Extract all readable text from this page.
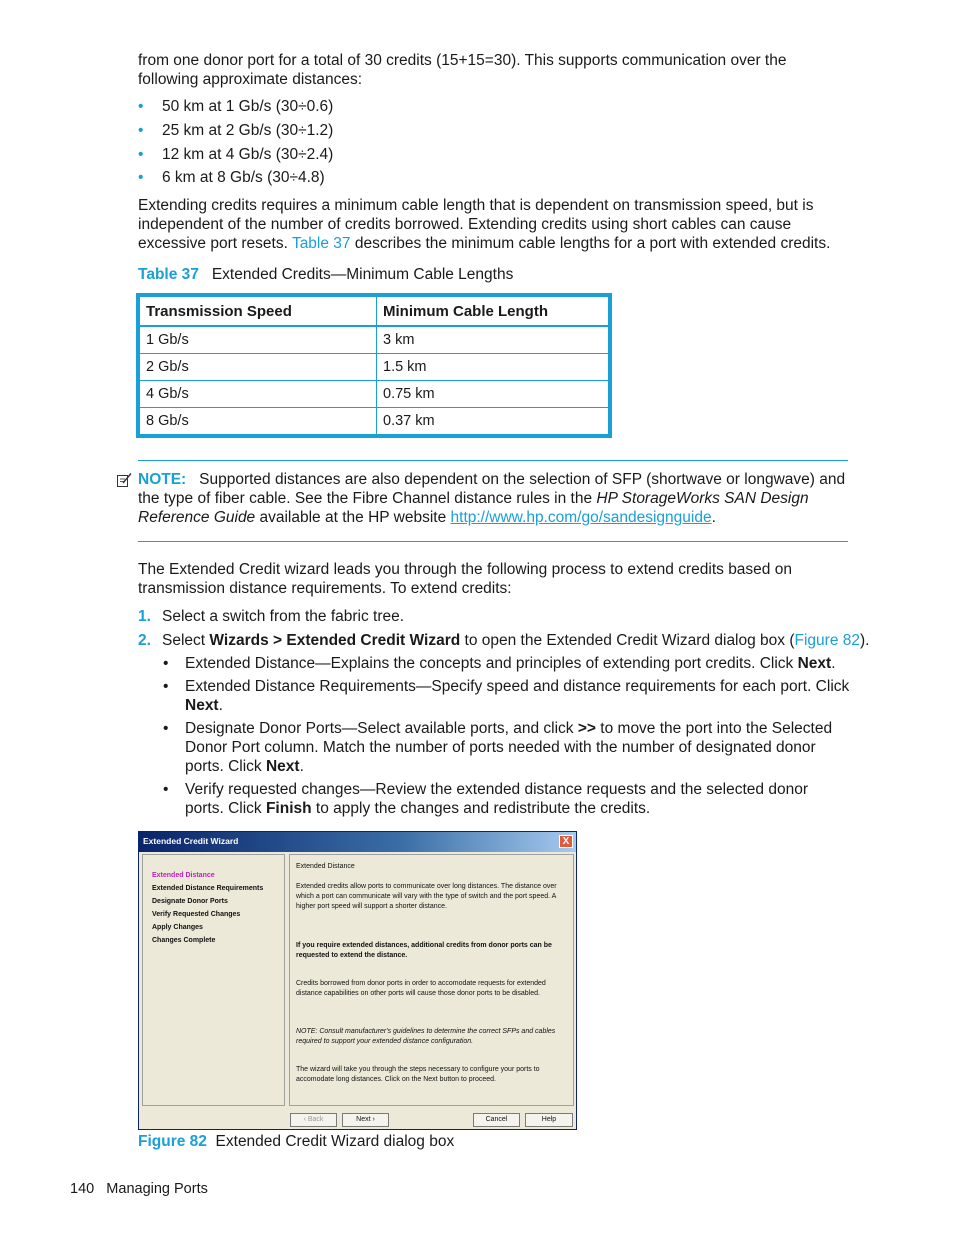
from one donor port for a total of 30 credits (15+15=30). This supports communication over the following approximate distances:

• 50 km at 1 Gb/s (30÷0.6)
• 25 km at 2 Gb/s (30÷1.2)
• 12 km at 4 Gb/s (30÷2.4)
• 6 km at 8 Gb/s (30÷4.8)

Extending credits requires a minimum cable length that is dependent on transmission speed, but is independent of the number of credits borrowed. Extending credits using short cables can cause excessive port resets. Table 37 describes the minimum cable lengths for a port with extended credits.

Table 37 Extended Credits—Minimum Cable Lengths
Transmission Speed	Minimum Cable Length
1 Gb/s	3 km
2 Gb/s	1.5 km
4 Gb/s	0.75 km
8 Gb/s	0.37 km

NOTE: Supported distances are also dependent on the selection of SFP (shortwave or longwave) and the type of fiber cable. See the Fibre Channel distance rules in the HP StorageWorks SAN Design Reference Guide available at the HP website http://www.hp.com/go/sandesignguide.

The Extended Credit wizard leads you through the following process to extend credits based on transmission distance requirements. To extend credits:

1. Select a switch from the fabric tree.
2. Select Wizards > Extended Credit Wizard to open the Extended Credit Wizard dialog box (Figure 82).
• Extended Distance—Explains the concepts and principles of extending port credits. Click Next.
• Extended Distance Requirements—Specify speed and distance requirements for each port. Click Next.
• Designate Donor Ports—Select available ports, and click >> to move the port into the Selected Donor Port column. Match the number of ports needed with the number of designated donor ports. Click Next.
• Verify requested changes—Review the extended distance requests and the selected donor ports. Click Finish to apply the changes and redistribute the credits.
Extended Credit Wizard	X
Extended Distance
Extended Distance Requirements
Designate Donor Ports
Verify Requested Changes
Apply Changes
Changes Complete
Extended Distance
Extended credits allow ports to communicate over long distances. The distance over which a port can communicate will vary with the type of switch and the port speed. A higher port speed will support a shorter distance.
If you require extended distances, additional credits from donor ports can be requested to extend the distance.
Credits borrowed from donor ports in order to accomodate requests for extended distance capabilities on other ports will cause those donor ports to be disabled.
NOTE: Consult manufacturer's guidelines to determine the correct SFPs and cables required to support your extended distance configuration.
The wizard will take you through the steps necessary to configure your ports to accomodate long distances. Click on the Next button to proceed.
‹ Back	Next ›	Cancel	Help
Figure 82 Extended Credit Wizard dialog box
140 Managing Ports
